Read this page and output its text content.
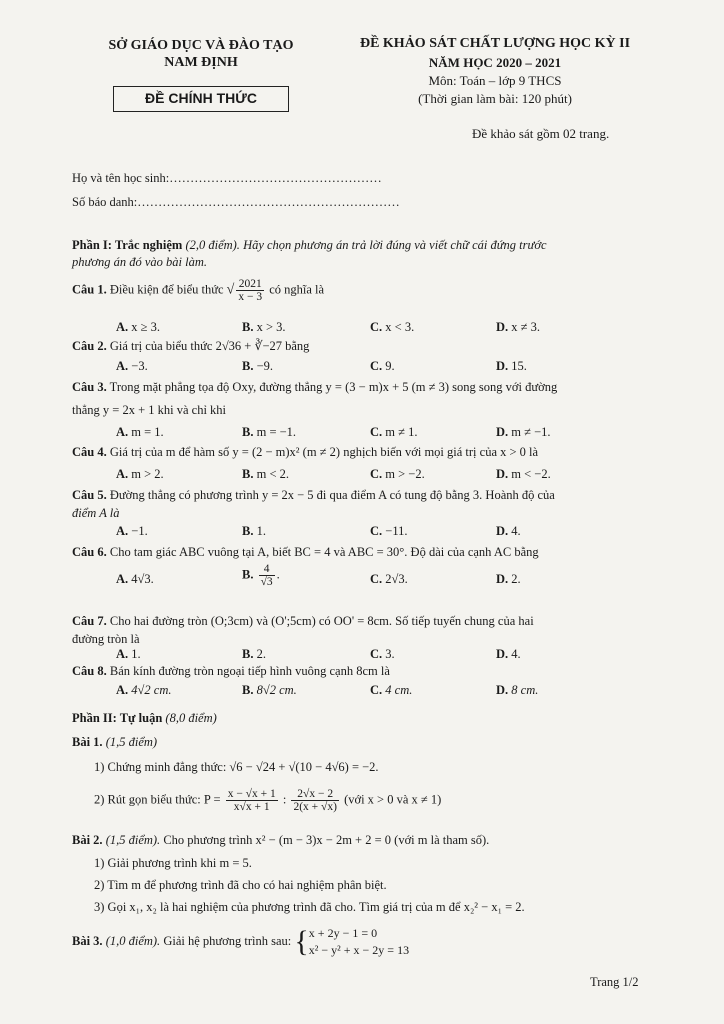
SỞ GIÁO DỤC VÀ ĐÀO TẠO
NAM ĐỊNH
ĐỀ CHÍNH THỨC
ĐỀ KHẢO SÁT CHẤT LƯỢNG HỌC KỲ II
NĂM HỌC 2020 – 2021
Môn: Toán – lớp 9 THCS
(Thời gian làm bài: 120 phút)
Đề khảo sát gồm 02 trang.
Họ và tên học sinh:……………………………………………
Số báo danh:………………………………………………………
Phần I: Trắc nghiệm (2,0 điểm). Hãy chọn phương án trả lời đúng và viết chữ cái đứng trước
phương án đó vào bài làm.
Câu 1. Điều kiện để biểu thức √ $\frac{2021}{x - 3}$ có nghĩa là
A. x ≥ 3.	B. x > 3.	C. x < 3.	D. x ≠ 3.
Câu 2. Giá trị của biểu thức 2√36 + ∛−27 bằng
A. −3.	B. −9.	C. 9.	D. 15.
Câu 3. Trong mặt phẳng tọa độ Oxy, đường thẳng y = (3 − m)x + 5 (m ≠ 3) song song với đường
thẳng y = 2x + 1 khi và chỉ khi
A. m = 1.	B. m = −1.	C. m ≠ 1.	D. m ≠ −1.
Câu 4. Giá trị của m để hàm số y = (2 − m)x² (m ≠ 2) nghịch biến với mọi giá trị của x > 0 là
A. m > 2.	B. m < 2.	C. m > −2.	D. m < −2.
Câu 5. Đường thẳng có phương trình y = 2x − 5 đi qua điểm A có tung độ bằng 3. Hoành độ của
điểm A là
A. −1.	B. 1.	C. −11.	D. 4.
Câu 6. Cho tam giác ABC vuông tại A, biết BC = 4 và ABC = 30°. Độ dài của cạnh AC bằng
A. 4√3.	B. $\frac{4}{√3}$ .	C. 2√3.	D. 2.
Câu 7. Cho hai đường tròn (O;3cm) và (O';5cm) có OO' = 8cm. Số tiếp tuyến chung của hai
đường tròn là
A. 1.	B. 2.	C. 3.	D. 4.
Câu 8. Bán kính đường tròn ngoại tiếp hình vuông cạnh 8cm là
A. 4√2 cm.	B. 8√2 cm.	C. 4 cm.	D. 8 cm.
Phần II: Tự luận (8,0 điểm)
Bài 1. (1,5 điểm)
1) Chứng minh đẳng thức: √6 − √24 + √(10 − 4√6) = −2.
2) Rút gọn biểu thức: $P = \frac{x - √x + 1}{x√x + 1}$ : $\frac{2√x - 2}{2(x + √x)}$ (với x > 0 và x ≠ 1)
Bài 2. (1,5 điểm). Cho phương trình x² − (m − 3)x − 2m + 2 = 0 (với m là tham số).
1) Giải phương trình khi m = 5.
2) Tìm m để phương trình đã cho có hai nghiệm phân biệt.
3) Gọi x₁, x₂ là hai nghiệm của phương trình đã cho. Tìm giá trị của m để x₂² − x₁ = 2.
Bài 3. (1,0 điểm). Giải hệ phương trình sau: { x + 2y − 1 = 0
x² − y² + x − 2y = 13
Trang 1/2
